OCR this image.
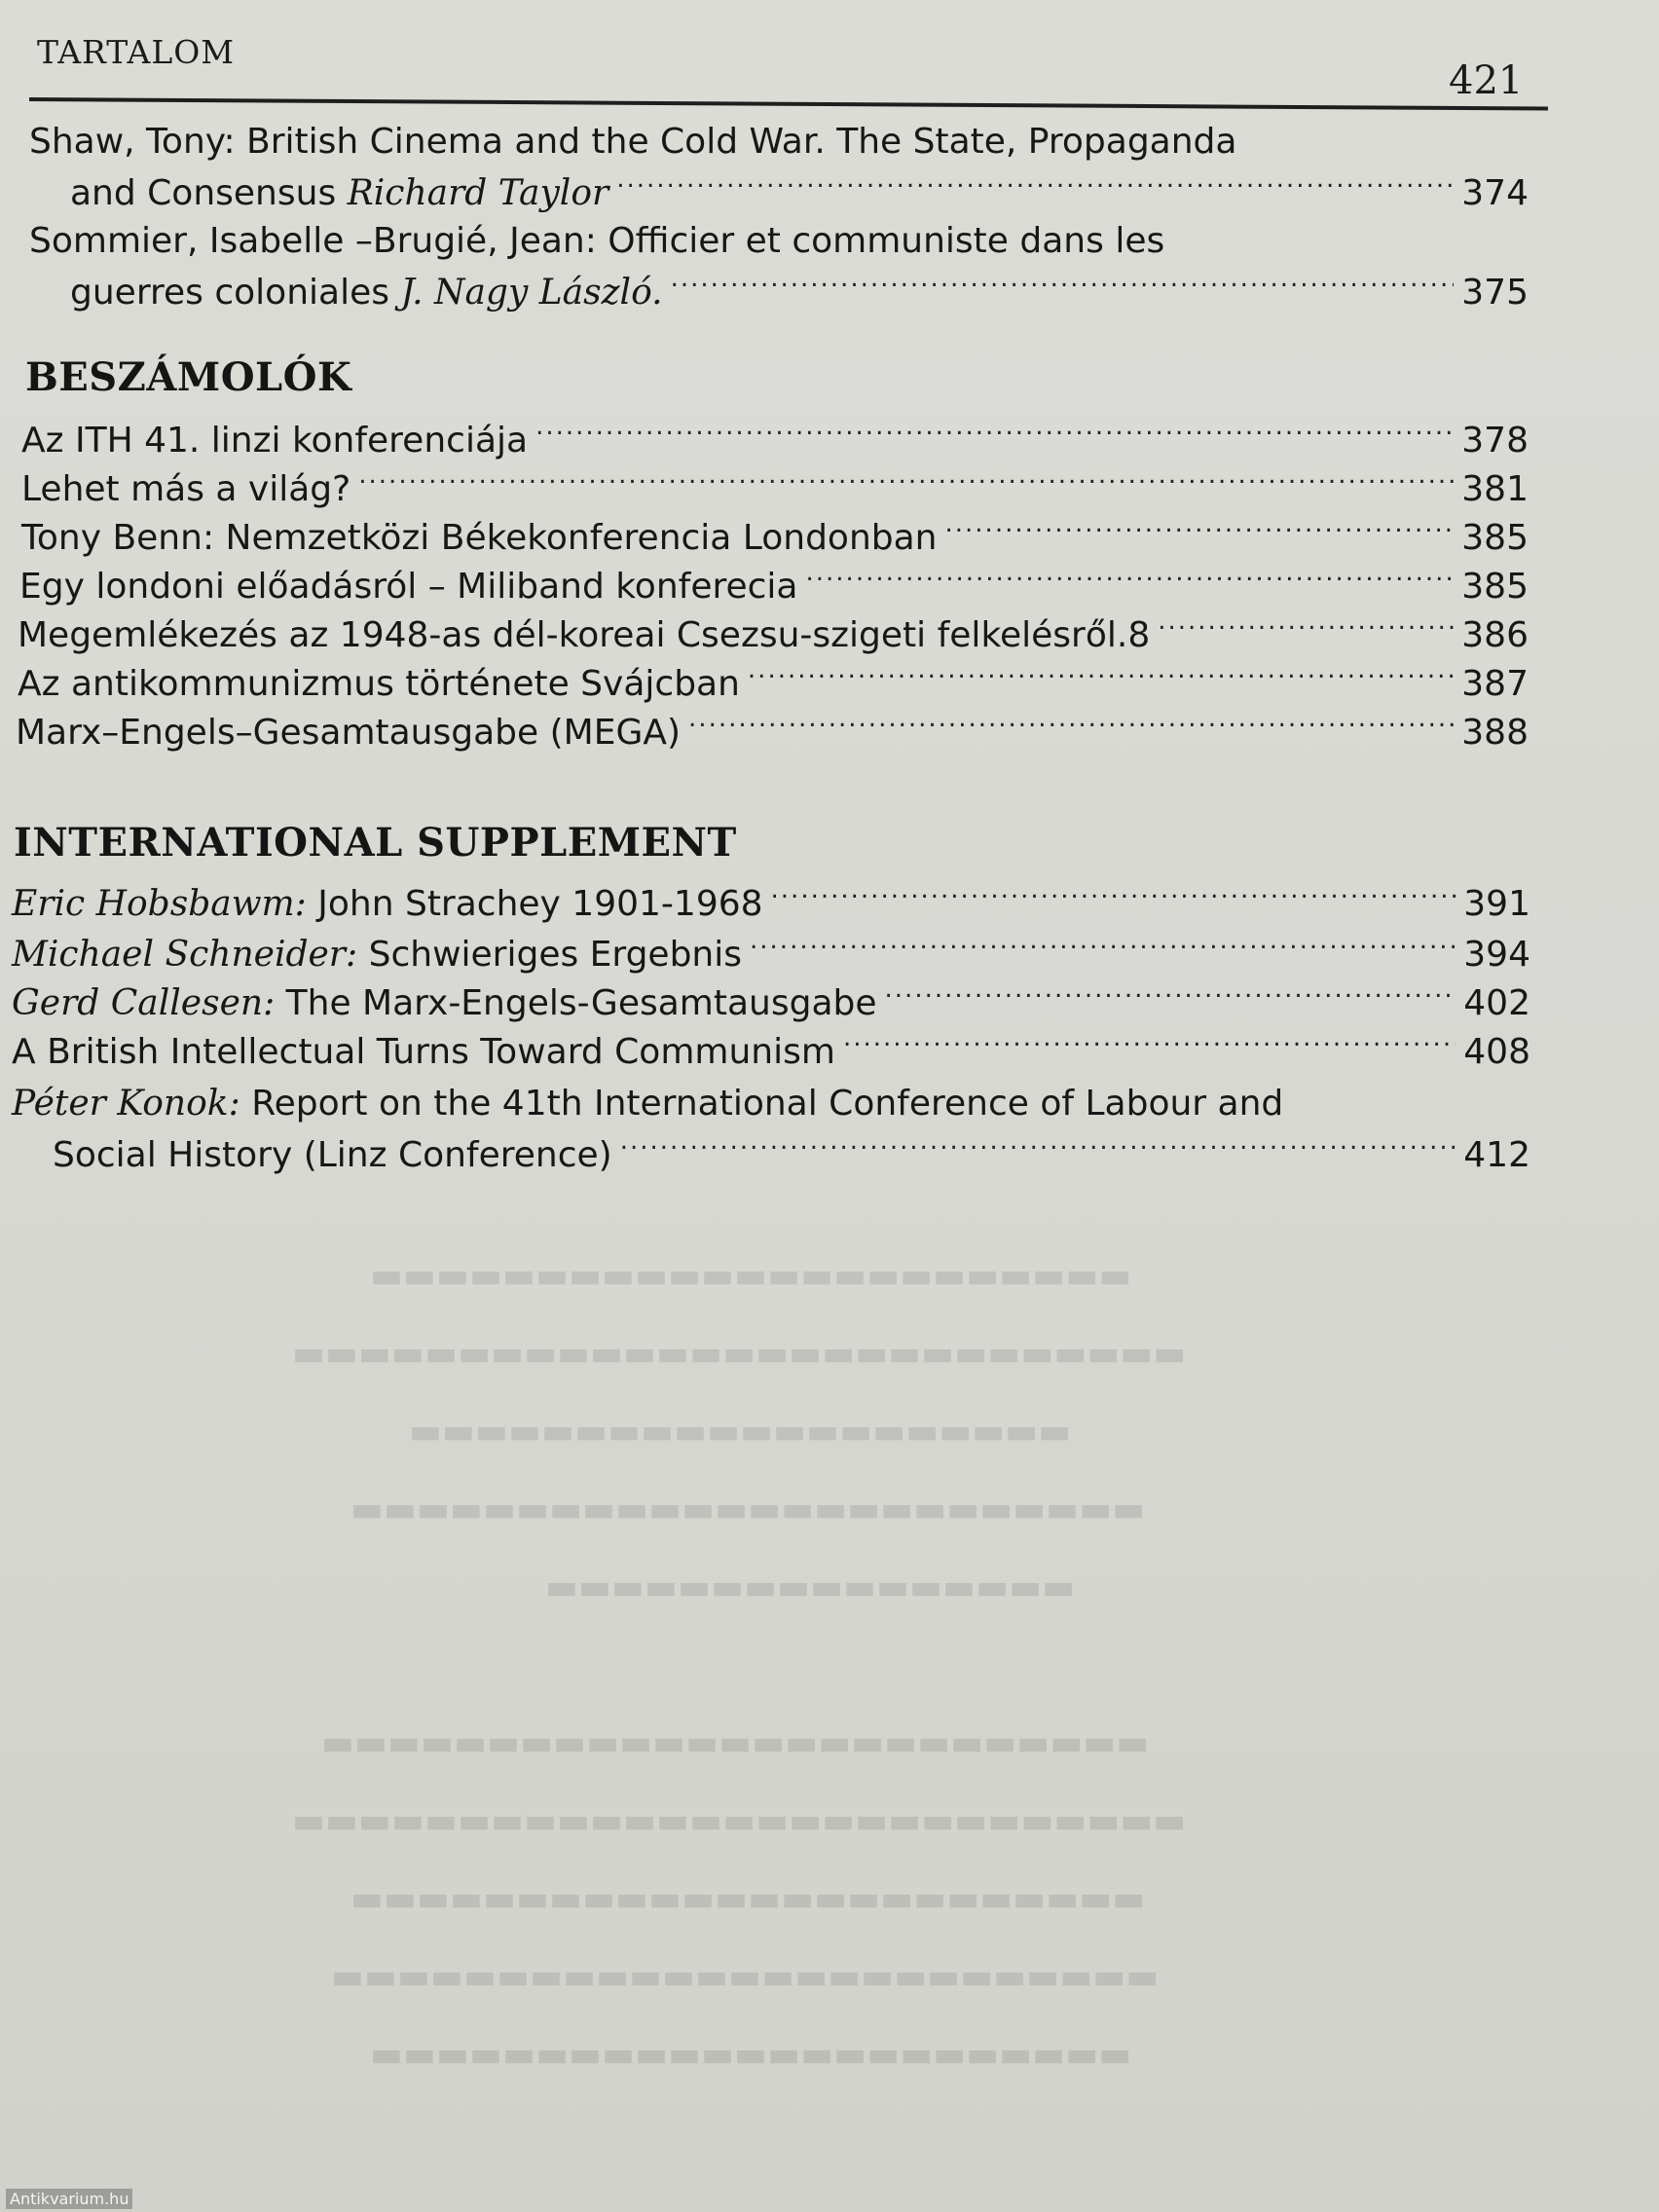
TARTALOM
421
Shaw, Tony: British Cinema and the Cold War. The State, Propaganda
and Consensus
Richard Taylor .....	374
Sommier, Isabelle –Brugié, Jean: Officier et communiste dans les
guerres coloniales
J. Nagy László. .....	375
BESZÁMOLÓK
Az ITH 41. linzi konferenciája .....	378
Lehet más a világ? .....	381
Tony Benn: Nemzetközi Békekonferencia Londonban .....	385
Egy londoni előadásról – Miliband konferecia .....	385
Megemlékezés az 1948-as dél-koreai Csezsu-szigeti felkelésről.8 .....	386
Az antikommunizmus története Svájcban .....	387
Marx–Engels–Gesamtausgabe (MEGA) .....	388
INTERNATIONAL SUPPLEMENT
Eric Hobsbawm:
John Strachey 1901-1968 .....	391
Michael Schneider:
Schwieriges Ergebnis .....	394
Gerd Callesen:
The Marx-Engels-Gesamtausgabe .....	402
A British Intellectual Turns Toward Communism .....	408
Péter Konok:
Report on the 41th International Conference of Labour and
Social History (Linz Conference) .....	412
▬▬▬▬▬▬▬▬▬▬▬▬▬▬▬▬▬▬▬▬▬▬▬
▬▬▬▬▬▬▬▬▬▬▬▬▬▬▬▬▬▬▬▬▬▬▬▬▬▬▬
▬▬▬▬▬▬▬▬▬▬▬▬▬▬▬▬▬▬▬▬
▬▬▬▬▬▬▬▬▬▬▬▬▬▬▬▬▬▬▬▬▬▬▬▬
▬▬▬▬▬▬▬▬▬▬▬▬▬▬▬▬
▬▬▬▬▬▬▬▬▬▬▬▬▬▬▬▬▬▬▬▬▬▬▬▬▬
▬▬▬▬▬▬▬▬▬▬▬▬▬▬▬▬▬▬▬▬▬▬▬▬▬▬▬
▬▬▬▬▬▬▬▬▬▬▬▬▬▬▬▬▬▬▬▬▬▬▬▬
▬▬▬▬▬▬▬▬▬▬▬▬▬▬▬▬▬▬▬▬▬▬▬▬▬
▬▬▬▬▬▬▬▬▬▬▬▬▬▬▬▬▬▬▬▬▬▬▬
Antikvarium.hu
